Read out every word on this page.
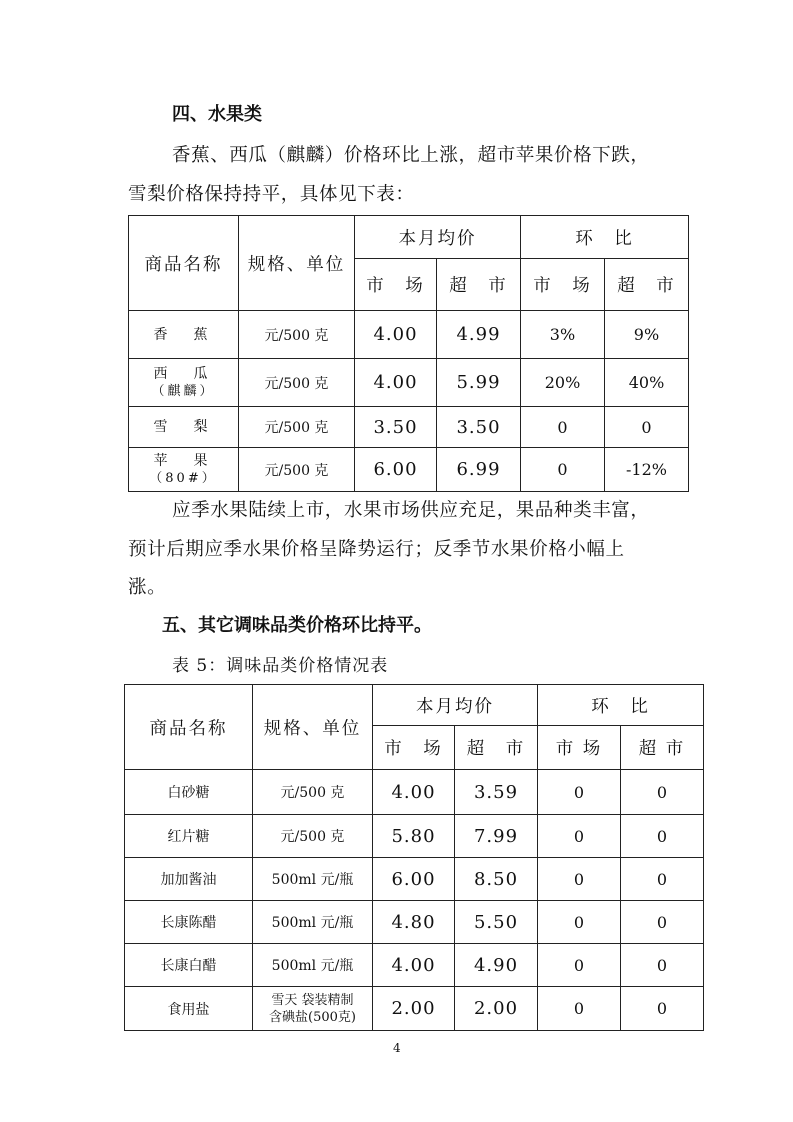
四、水果类
香蕉、西瓜（麒麟）价格环比上涨，超市苹果价格下跌，
雪梨价格保持持平，具体见下表：
商品名称	规格、单位	本月均价		环　比	
		市　场	超　市	市　场	超　市
香　蕉	元/500 克	4.00	4.99	3%	9%

西　瓜
（麒麟）	元/500 克	4.00	5.99	20%	40%
雪　梨	元/500 克	3.50	3.50	0	0

苹　果
（80#）	元/500 克	6.00	6.99	0	-12%
应季水果陆续上市，水果市场供应充足，果品种类丰富，
预计后期应季水果价格呈降势运行；反季节水果价格小幅上
涨。
五、其它调味品类价格环比持平。
表 5：调味品类价格情况表
商品名称	规格、单位	本月均价		环　比	
		市　场	超　市	市 场	超 市
白砂糖	元/500 克	4.00	3.59	0	0
红片糖	元/500 克	5.80	7.99	0	0
加加酱油	500ml 元/瓶	6.00	8.50	0	0
长康陈醋	500ml 元/瓶	4.80	5.50	0	0
长康白醋	500ml 元/瓶	4.00	4.90	0	0
食用盐	雪天 袋装精制
含碘盐(500克)	2.00	2.00	0	0
4
